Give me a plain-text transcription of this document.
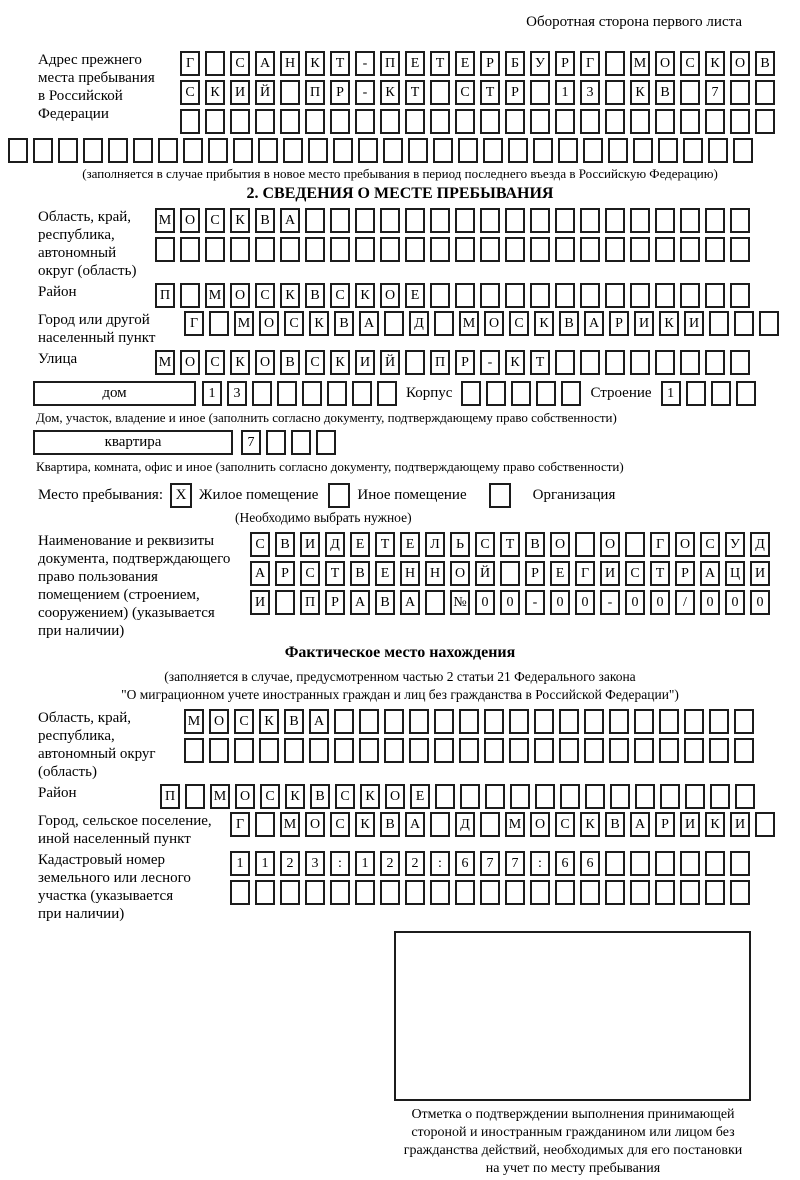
Оборотная сторона первого листа
Адрес прежнего
места пребывания
в Российской
Федерации
Г	С	А	Н	К	Т	-	П	Е	Т	Е	Р	Б	У	Р	Г	М О	С	К	О	В
С	К	И	Й	П	Р	-	К	Т	С	Т	Р	1	3	К	В	7
(заполняется в случае прибытия в новое место пребывания в период последнего въезда в Российскую Федерацию)
2. СВЕДЕНИЯ О МЕСТЕ ПРЕБЫВАНИЯ
Область, край,
республика,
автономный
округ (область)
М О	С	К	В	А
Район	П	М О	С	К	В	С	К	О	Е
Город или другой
населенный пункт
Г	М О	С	К	В	А	Д	М О	С	К	В	А	Р	И	К	И
Улица	М О	С	К	О	В	С	К	И	Й	П	Р	-	К	Т
дом	1	3	Корпус	Строение	1
Дом, участок, владение и иное (заполнить согласно документу, подтверждающему право собственности)
квартира	7
Квартира, комната, офис и иное (заполнить согласно документу, подтверждающему право собственности)
Место пребывания: X Жилое помещение	Иное помещение	Организация
(Необходимо выбрать нужное)
Наименование и реквизиты
документа, подтверждающего
право пользования
помещением (строением,
сооружением) (указывается
при наличии)
С	В	И	Д	Е	Т	Е	Л	Ь	С	Т	В	О	О	Г	О	С	У	Д
А	Р	С	Т	В	Е	Н	Н	О	Й	Р	Е	Г	И	С	Т	Р	А	Ц	И
И	П	Р	А	В	А	№	0	0	-	0	0	-	0	0	/	0	0	0
Фактическое место нахождения
(заполняется в случае, предусмотренном частью 2 статьи 21 Федерального закона
"О миграционном учете иностранных граждан и лиц без гражданства в Российской Федерации")
Область, край,
республика,
автономный округ
(область)
М О	С	К	В	А
Район	П	М О	С	К	В	С	К	О	Е
Город, сельское поселение,
иной населенный пункт
Г	М О	С	К	В	А	Д	М О	С	К	В	А	Р	И	К	И
Кадастровый номер
земельного или лесного
участка (указывается
при наличии)
1	1	2	3	:	1	2	2	:	6	7	7	:	6	6
Отметка о подтверждении выполнения принимающей
стороной и иностранным гражданином или лицом без
гражданства действий, необходимых для его постановки
на учет по месту пребывания
